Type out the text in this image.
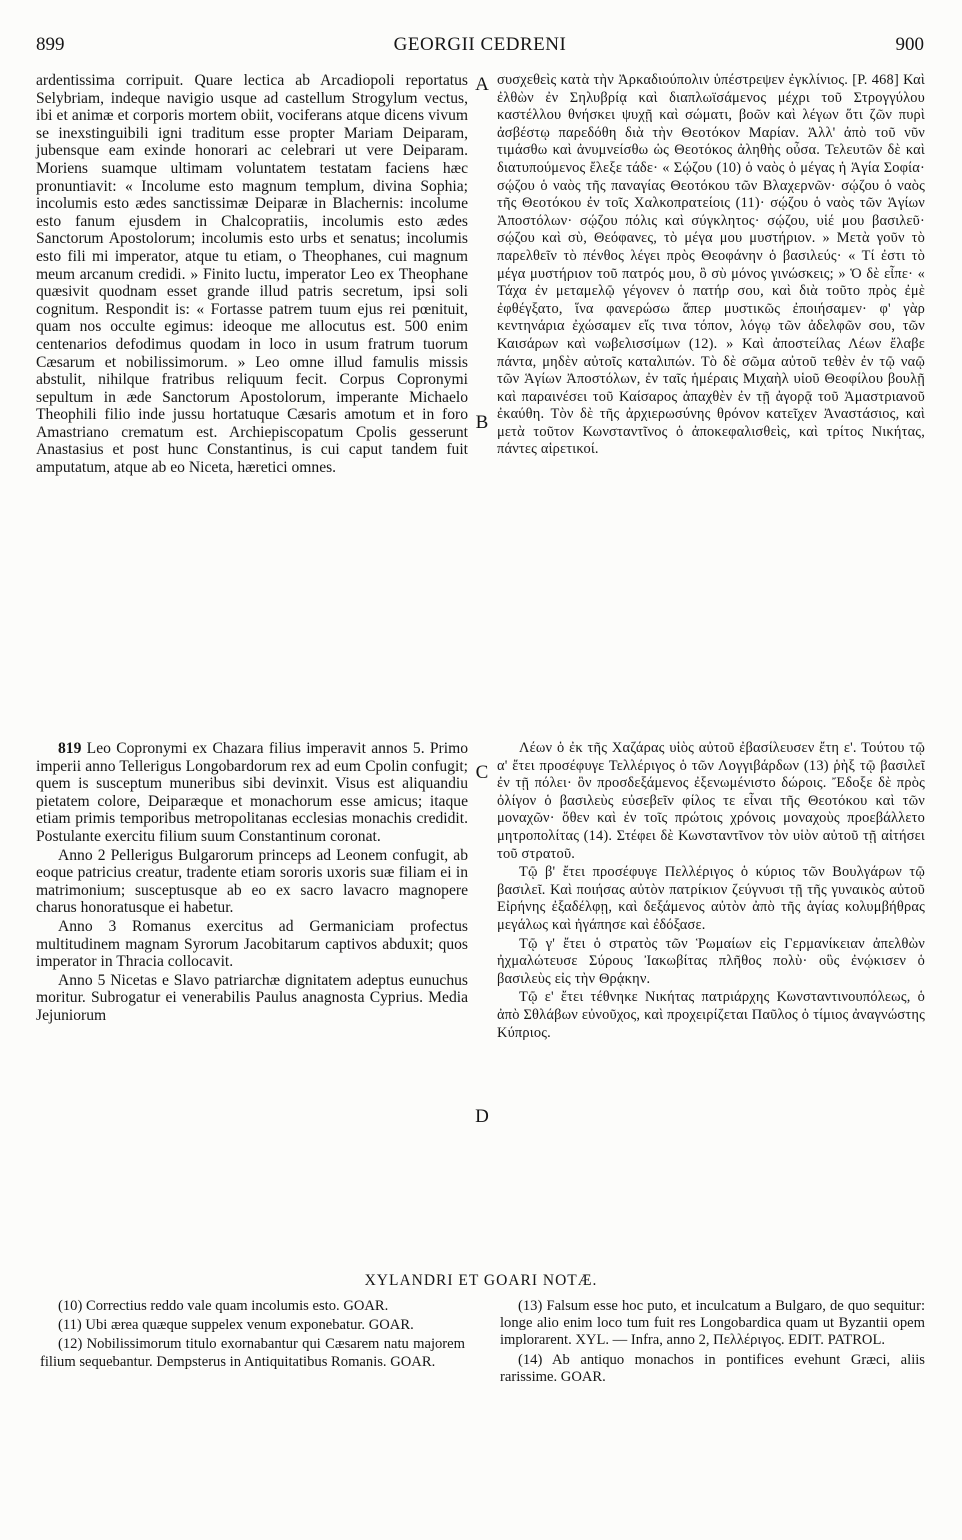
899	GEORGII CEDRENI	900

ardentissima corripuit. Quare lectica ab Arcadiopoli reportatus Selybriam, indeque navigio usque ad castellum Strogylum vectus, ibi et animæ et corporis mortem obiit, vociferans atque dicens vivum se inexstinguibili igni traditum esse propter Mariam Deiparam, jubensque eam exinde honorari ac celebrari ut vere Deiparam. Moriens suamque ultimam voluntatem testatam faciens hæc pronuntiavit: « Incolume esto magnum templum, divina Sophia; incolumis esto ædes sanctissimæ Deiparæ in Blachernis: incolume esto fanum ejusdem in Chalcopratiis, incolumis esto ædes Sanctorum Apostolorum; incolumis esto urbs et senatus; incolumis esto fili mi imperator, atque tu etiam, o Theophanes, cui magnum meum arcanum credidi. » Finito luctu, imperator Leo ex Theophane quæsivit quodnam esset grande illud patris secretum, ipsi soli cognitum. Respondit is: « Fortasse patrem tuum ejus rei pœnituit, quam nos occulte egimus: ideoque me allocutus est. 500 enim centenarios defodimus quodam in loco in usum fratrum tuorum Cæsarum et nobilissimorum. » Leo omne illud famulis missis abstulit, nihilque fratribus reliquum fecit. Corpus Copronymi sepultum in æde Sanctorum Apostolorum, imperante Michaelo Theophili filio inde jussu hortatuque Cæsaris amotum et in foro Amastriano crematum est. Archiepiscopatum Cpolis gesserunt Anastasius et post hunc Constantinus, is cui caput tandem fuit amputatum, atque ab eo Niceta, hæretici omnes.

819 Leo Copronymi ex Chazara filius imperavit annos 5. Primo imperii anno Tellerigus Longobardorum rex ad eum Cpolin confugit; quem is susceptum muneribus sibi devinxit. Visus est aliquandiu pietatem colore, Deiparæque et monachorum esse amicus; itaque etiam primis temporibus metropolitanas ecclesias monachis credidit. Postulante exercitu filium suum Constantinum coronat.

Anno 2 Pellerigus Bulgarorum princeps ad Leonem confugit, ab eoque patricius creatur, tradente etiam sororis uxoris suæ filiam ei in matrimonium; susceptusque ab eo ex sacro lavacro magnopere charus honoratusque ei habetur.

Anno 3 Romanus exercitus ad Germaniciam profectus multitudinem magnam Syrorum Jacobitarum captivos abduxit; quos imperator in Thracia collocavit.

Anno 5 Nicetas e Slavo patriarchæ dignitatem adeptus eunuchus moritur. Subrogatur ei venerabilis Paulus anagnosta Cyprius. Media Jejuniorum

A
B
C
D

συσχεθεὶς κατὰ τὴν Ἀρκαδιούπολιν ὑπέστρεψεν ἐγκλίνιος. [P. 468] Καὶ ἐλθὼν ἐν Σηλυβρίᾳ καὶ διαπλωϊσάμενος μέχρι τοῦ Στρογγύλου καστέλλου θνήσκει ψυχῇ καὶ σώματι, βοῶν καὶ λέγων ὅτι ζῶν πυρὶ ἀσβέστῳ παρεδόθη διὰ τὴν Θεοτόκον Μαρίαν. Ἀλλ' ἀπὸ τοῦ νῦν τιμάσθω καὶ ἀνυμνείσθω ὡς Θεοτόκος ἀληθὴς οὖσα. Τελευτῶν δὲ καὶ διατυπούμενος ἔλεξε τάδε· « Σῴζου (10) ὁ ναὸς ὁ μέγας ἡ Ἁγία Σοφία· σῴζου ὁ ναὸς τῆς παναγίας Θεοτόκου τῶν Βλαχερνῶν· σῴζου ὁ ναὸς τῆς Θεοτόκου ἐν τοῖς Χαλκοπρατείοις (11)· σῴζου ὁ ναὸς τῶν Ἁγίων Ἀποστόλων· σῴζου πόλις καὶ σύγκλητος· σῴζου, υἱέ μου βασιλεῦ· σῴζου καὶ σὺ, Θεόφανες, τὸ μέγα μου μυστήριον. » Μετὰ γοῦν τὸ παρελθεῖν τὸ πένθος λέγει πρὸς Θεοφάνην ὁ βασιλεύς· « Τί ἐστι τὸ μέγα μυστήριον τοῦ πατρός μου, ὃ σὺ μόνος γινώσκεις; » Ὁ δὲ εἶπε· « Τάχα ἐν μεταμελῷ γέγονεν ὁ πατήρ σου, καὶ διὰ τοῦτο πρὸς ἐμὲ ἐφθέγξατο, ἵνα φανερώσω ἅπερ μυστικῶς ἐποιήσαμεν· φ' γὰρ κεντηνάρια ἐχώσαμεν εἴς τινα τόπον, λόγῳ τῶν ἀδελφῶν σου, τῶν Καισάρων καὶ νωβελισσίμων (12). » Καὶ ἀποστείλας Λέων ἔλαβε πάντα, μηδὲν αὐτοῖς καταλιπών. Τὸ δὲ σῶμα αὐτοῦ τεθὲν ἐν τῷ ναῷ τῶν Ἁγίων Ἀποστόλων, ἐν ταῖς ἡμέραις Μιχαὴλ υἱοῦ Θεοφίλου βουλῇ καὶ παραινέσει τοῦ Καίσαρος ἀπαχθὲν ἐν τῇ ἀγορᾷ τοῦ Ἀμαστριανοῦ ἐκαύθη. Τὸν δὲ τῆς ἀρχιερωσύνης θρόνον κατεῖχεν Ἀναστάσιος, καὶ μετὰ τοῦτον Κωνσταντῖνος ὁ ἀποκεφαλισθεὶς, καὶ τρίτος Νικήτας, πάντες αἱρετικοί.

Λέων ὁ ἐκ τῆς Χαζάρας υἱὸς αὐτοῦ ἐβασίλευσεν ἔτη ε'. Τούτου τῷ α' ἔτει προσέφυγε Τελλέριγος ὁ τῶν Λογγιβάρδων (13) ῥὴξ τῷ βασιλεῖ ἐν τῇ πόλει· ὃν προσδεξάμενος ἐξενωμένιστο δώροις. Ἔδοξε δὲ πρὸς ὀλίγον ὁ βασιλεὺς εὐσεβεῖν φίλος τε εἶναι τῆς Θεοτόκου καὶ τῶν μοναχῶν· ὅθεν καὶ ἐν τοῖς πρώτοις χρόνοις μοναχοὺς προεβάλλετο μητροπολίτας (14). Στέφει δὲ Κωνσταντῖνον τὸν υἱὸν αὐτοῦ τῇ αἰτήσει τοῦ στρατοῦ.

Τῷ β' ἔτει προσέφυγε Πελλέριγος ὁ κύριος τῶν Βουλγάρων τῷ βασιλεῖ. Καὶ ποιήσας αὐτὸν πατρίκιον ζεύγνυσι τῇ τῆς γυναικὸς αὐτοῦ Εἰρήνης ἐξαδέλφῃ, καὶ δεξάμενος αὐτὸν ἀπὸ τῆς ἁγίας κολυμβήθρας μεγάλως καὶ ἠγάπησε καὶ ἐδόξασε.

Τῷ γ' ἔτει ὁ στρατὸς τῶν Ῥωμαίων εἰς Γερμανίκειαν ἀπελθὼν ἠχμαλώτευσε Σύρους Ἰακωβίτας πλῆθος πολὺ· οὓς ἐνῴκισεν ὁ βασιλεὺς εἰς τὴν Θρᾴκην.

Τῷ ε' ἔτει τέθνηκε Νικήτας πατριάρχης Κωνσταντινουπόλεως, ὁ ἀπὸ Σθλάβων εὐνοῦχος, καὶ προχειρίζεται Παῦλος ὁ τίμιος ἀναγνώστης Κύπριος.

XYLANDRI ET GOARI NOTÆ.

(10) Correctius reddo vale quam incolumis esto. GOAR.

(11) Ubi ærea quæque suppelex venum exponebatur. GOAR.

(12) Nobilissimorum titulo exornabantur qui Cæsarem natu majorem filium sequebantur. Dempsterus in Antiquitatibus Romanis. GOAR.

(13) Falsum esse hoc puto, et inculcatum a Bulgaro, de quo sequitur: longe alio enim loco tum fuit res Longobardica quam ut Byzantii opem implorarent. XYL. — Infra, anno 2, Πελλέριγος. EDIT. PATROL.

(14) Ab antiquo monachos in pontifices evehunt Græci, aliis rarissime. GOAR.
